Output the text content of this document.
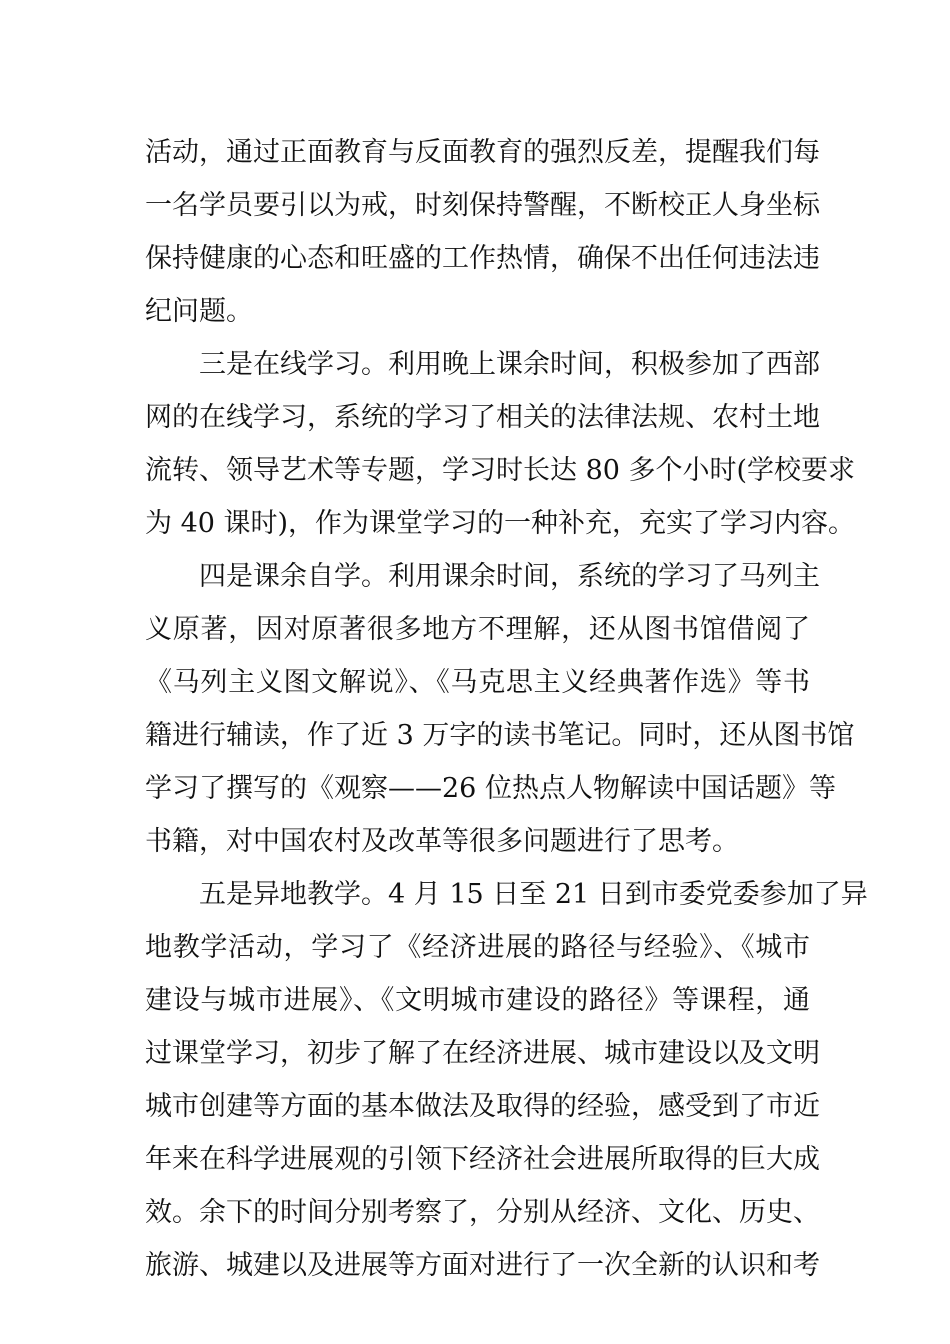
活动，通过正面教育与反面教育的强烈反差，提醒我们每
一名学员要引以为戒，时刻保持警醒，不断校正人身坐标
保持健康的心态和旺盛的工作热情，确保不出任何违法违
纪问题。
三是在线学习。利用晚上课余时间，积极参加了西部
网的在线学习，系统的学习了相关的法律法规、农村土地
流转、领导艺术等专题，学习时长达 80 多个小时(学校要求
为 40 课时)，作为课堂学习的一种补充，充实了学习内容。
四是课余自学。利用课余时间，系统的学习了马列主
义原著，因对原著很多地方不理解，还从图书馆借阅了
《马列主义图文解说》、《马克思主义经典著作选》等书
籍进行辅读，作了近 3 万字的读书笔记。同时，还从图书馆
学习了撰写的《观察——26 位热点人物解读中国话题》等
书籍，对中国农村及改革等很多问题进行了思考。
五是异地教学。4 月 15 日至 21 日到市委党委参加了异
地教学活动，学习了《经济进展的路径与经验》、《城市
建设与城市进展》、《文明城市建设的路径》等课程，通
过课堂学习，初步了解了在经济进展、城市建设以及文明
城市创建等方面的基本做法及取得的经验，感受到了市近
年来在科学进展观的引领下经济社会进展所取得的巨大成
效。余下的时间分别考察了，分别从经济、文化、历史、
旅游、城建以及进展等方面对进行了一次全新的认识和考
